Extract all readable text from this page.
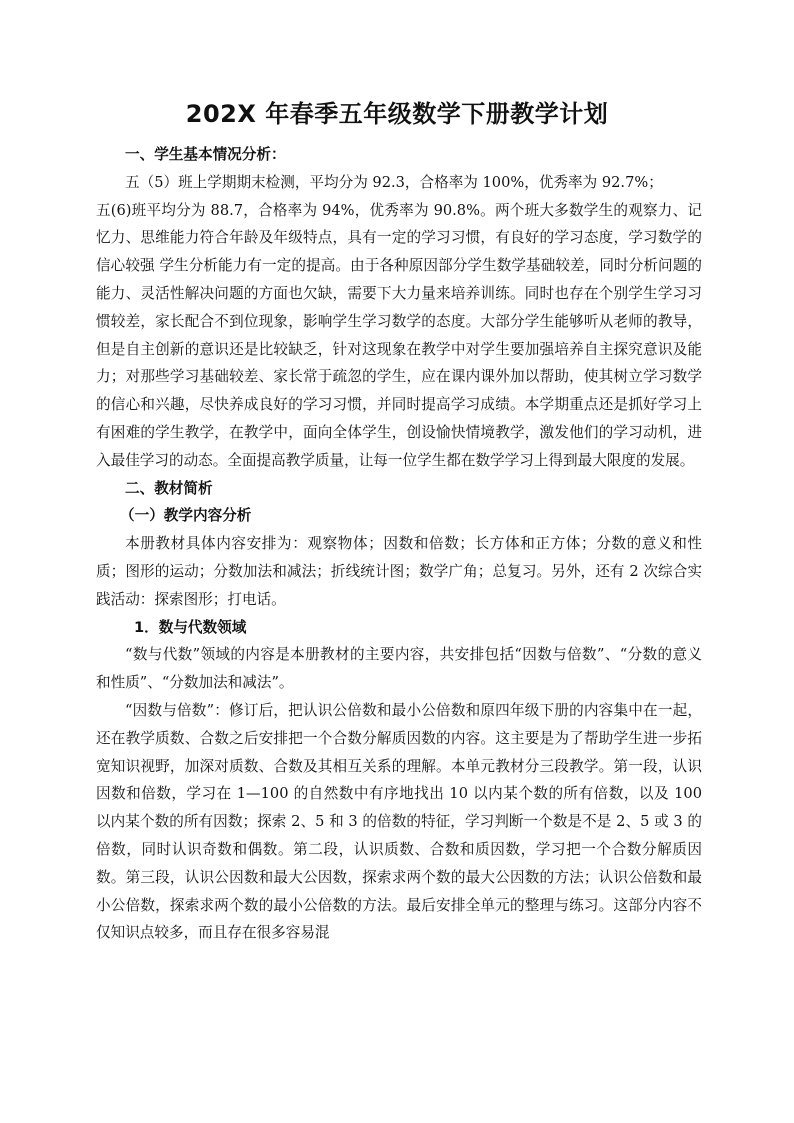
202X 年春季五年级数学下册教学计划

一、学生基本情况分析：

五（5）班上学期期末检测，平均分为 92.3，合格率为 100%，优秀率为 92.7%；

五(6)班平均分为 88.7，合格率为 94%，优秀率为 90.8%。两个班大多数学生的观察力、记忆力、思维能力符合年龄及年级特点，具有一定的学习习惯，有良好的学习态度，学习数学的信心较强 学生分析能力有一定的提高。由于各种原因部分学生数学基础较差，同时分析问题的能力、灵活性解决问题的方面也欠缺，需要下大力量来培养训练。同时也存在个别学生学习习惯较差，家长配合不到位现象，影响学生学习数学的态度。大部分学生能够听从老师的教导，但是自主创新的意识还是比较缺乏，针对这现象在教学中对学生要加强培养自主探究意识及能力；对那些学习基础较差、家长常于疏忽的学生，应在课内课外加以帮助，使其树立学习数学的信心和兴趣，尽快养成良好的学习习惯，并同时提高学习成绩。本学期重点还是抓好学习上有困难的学生教学，在教学中，面向全体学生，创设愉快情境教学，激发他们的学习动机，进入最佳学习的动态。全面提高教学质量，让每一位学生都在数学学习上得到最大限度的发展。

二、教材简析

（一）教学内容分析

本册教材具体内容安排为：观察物体；因数和倍数；长方体和正方体；分数的意义和性质；图形的运动；分数加法和减法；折线统计图；数学广角；总复习。另外，还有 2 次综合实践活动：探索图形；打电话。

1．数与代数领域

“数与代数”领域的内容是本册教材的主要内容，共安排包括“因数与倍数”、“分数的意义和性质”、“分数加法和减法”。

“因数与倍数”：修订后，把认识公倍数和最小公倍数和原四年级下册的内容集中在一起，还在教学质数、合数之后安排把一个合数分解质因数的内容。这主要是为了帮助学生进一步拓宽知识视野，加深对质数、合数及其相互关系的理解。本单元教材分三段教学。第一段，认识因数和倍数，学习在 1—100 的自然数中有序地找出 10 以内某个数的所有倍数，以及 100 以内某个数的所有因数；探索 2、5 和 3 的倍数的特征，学习判断一个数是不是 2、5 或 3 的倍数，同时认识奇数和偶数。第二段，认识质数、合数和质因数，学习把一个合数分解质因数。第三段，认识公因数和最大公因数，探索求两个数的最大公因数的方法；认识公倍数和最小公倍数，探索求两个数的最小公倍数的方法。最后安排全单元的整理与练习。这部分内容不仅知识点较多，而且存在很多容易混
